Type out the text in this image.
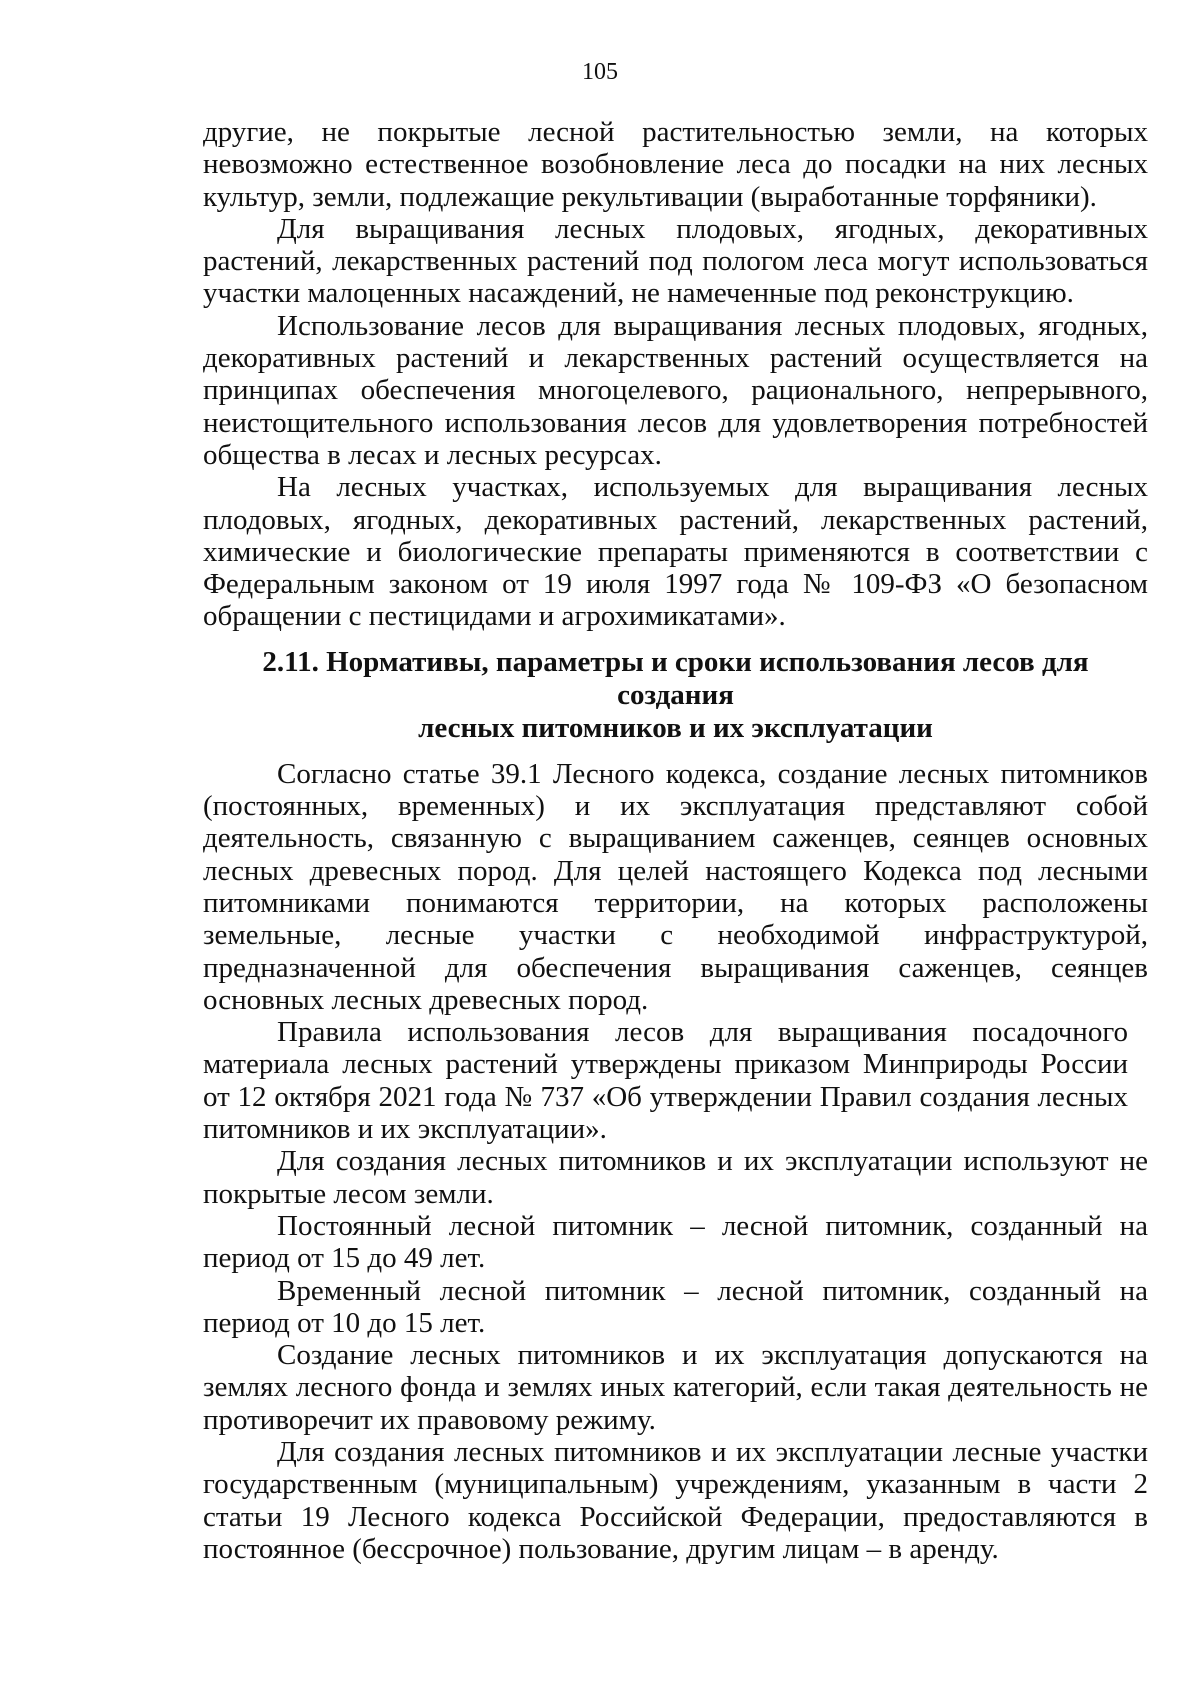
105

другие, не покрытые лесной растительностью земли, на которых невозможно естественное возобновление леса до посадки на них лесных культур, земли, подлежащие рекультивации (выработанные торфяники).

Для выращивания лесных плодовых, ягодных, декоративных растений, лекарственных растений под пологом леса могут использоваться участки малоценных насаждений, не намеченные под реконструкцию.

Использование лесов для выращивания лесных плодовых, ягодных, декоративных растений и лекарственных растений осуществляется на принципах обеспечения многоцелевого, рационального, непрерывного, неистощительного использования лесов для удовлетворения потребностей общества в лесах и лесных ресурсах.

На лесных участках, используемых для выращивания лесных плодовых, ягодных, декоративных растений, лекарственных растений, химические и биологические препараты применяются в соответствии с Федеральным законом от 19 июля 1997 года № 109-ФЗ «О безопасном обращении с пестицидами и агрохимикатами».

2.11. Нормативы, параметры и сроки использования лесов для создания
лесных питомников и их эксплуатации

Согласно статье 39.1 Лесного кодекса, создание лесных питомников (постоянных, временных) и их эксплуатация представляют собой деятельность, связанную с выращиванием саженцев, сеянцев основных лесных древесных пород. Для целей настоящего Кодекса под лесными питомниками понимаются территории, на которых расположены земельные, лесные участки с необходимой инфраструктурой, предназначенной для обеспечения выращивания саженцев, сеянцев основных лесных древесных пород.

Правила использования лесов для выращивания посадочного материала лесных растений утверждены приказом Минприроды России от 12 октября 2021 года № 737 «Об утверждении Правил создания лесных питомников и их эксплуатации».

Для создания лесных питомников и их эксплуатации используют не покрытые лесом земли.

Постоянный лесной питомник – лесной питомник, созданный на период от 15 до 49 лет.

Временный лесной питомник – лесной питомник, созданный на период от 10 до 15 лет.

Создание лесных питомников и их эксплуатация допускаются на землях лесного фонда и землях иных категорий, если такая деятельность не противоречит их правовому режиму.

Для создания лесных питомников и их эксплуатации лесные участки государственным (муниципальным) учреждениям, указанным в части 2 статьи 19 Лесного кодекса Российской Федерации, предоставляются в постоянное (бессрочное) пользование, другим лицам – в аренду.
